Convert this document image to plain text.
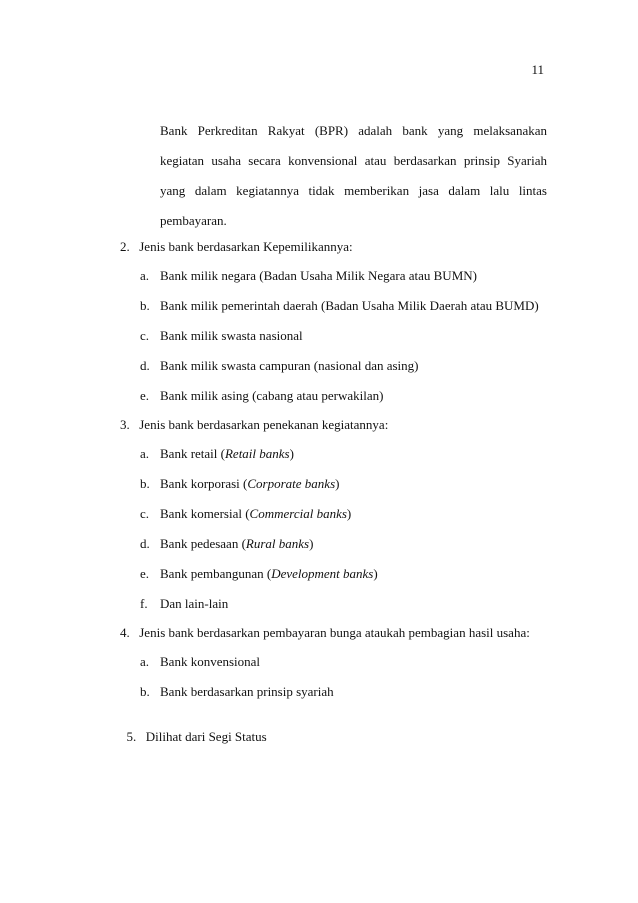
11
Bank Perkreditan Rakyat (BPR) adalah bank yang melaksanakan
kegiatan usaha secara konvensional atau berdasarkan prinsip Syariah
yang dalam kegiatannya tidak memberikan jasa dalam lalu lintas
pembayaran.
2. Jenis bank berdasarkan Kepemilikannya:
a. Bank milik negara (Badan Usaha Milik Negara atau BUMN)
b. Bank milik pemerintah daerah (Badan Usaha Milik Daerah atau BUMD)
c. Bank milik swasta nasional
d. Bank milik swasta campuran (nasional dan asing)
e. Bank milik asing (cabang atau perwakilan)
3. Jenis bank berdasarkan penekanan kegiatannya:
a. Bank retail (Retail banks)
b. Bank korporasi (Corporate banks)
c. Bank komersial (Commercial banks)
d. Bank pedesaan (Rural banks)
e. Bank pembangunan (Development banks)
f. Dan lain-lain
4. Jenis bank berdasarkan pembayaran bunga ataukah pembagian hasil usaha:
a. Bank konvensional
b. Bank berdasarkan prinsip syariah

5. Dilihat dari Segi Status
